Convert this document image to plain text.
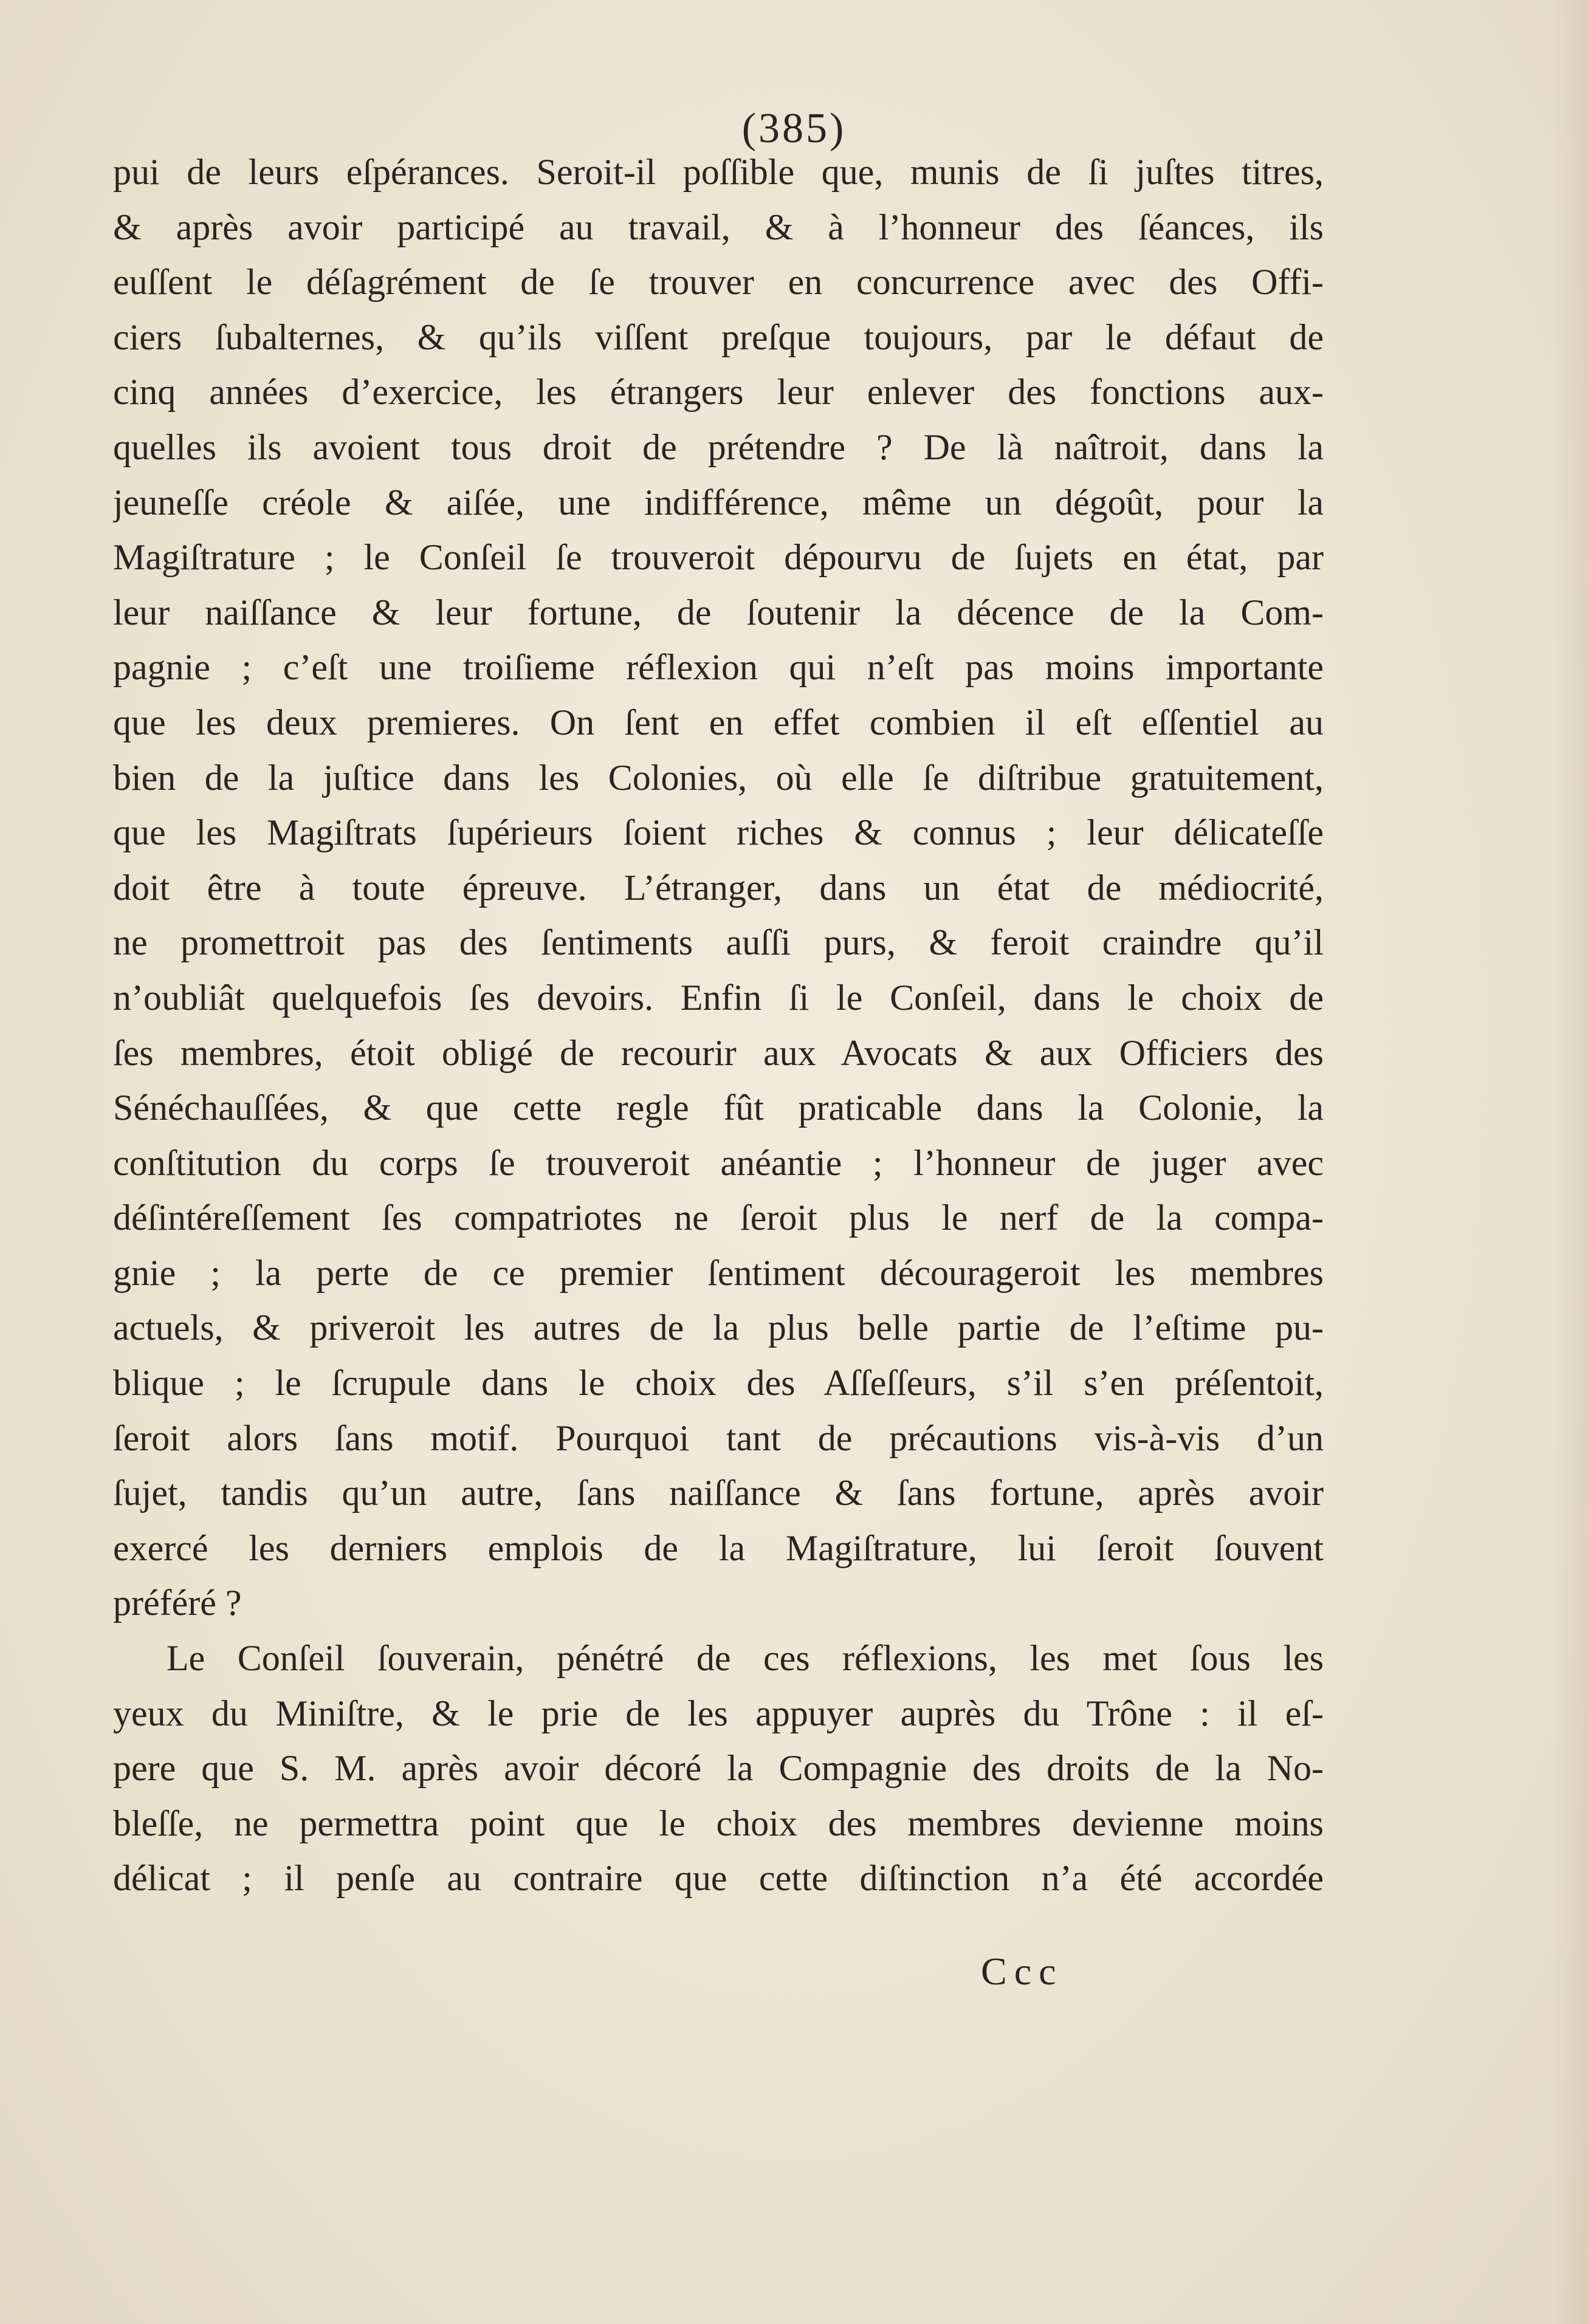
(385)
pui de leurs eſpérances. Seroit-il poſſible que, munis de ſi juſtes titres,
& après avoir participé au travail, & à l’honneur des ſéances, ils
euſſent le déſagrément de ſe trouver en concurrence avec des Offi-
ciers ſubalternes, & qu’ils viſſent preſque toujours, par le défaut de
cinq années d’exercice, les étrangers leur enlever des fonctions aux-
quelles ils avoient tous droit de prétendre ? De là naîtroit, dans la
jeuneſſe créole & aiſée, une indifférence, même un dégoût, pour la
Magiſtrature ; le Conſeil ſe trouveroit dépourvu de ſujets en état, par
leur naiſſance & leur fortune, de ſoutenir la décence de la Com-
pagnie ; c’eſt une troiſieme réflexion qui n’eſt pas moins importante
que les deux premieres. On ſent en effet combien il eſt eſſentiel au
bien de la juſtice dans les Colonies, où elle ſe diſtribue gratuitement,
que les Magiſtrats ſupérieurs ſoient riches & connus ; leur délicateſſe
doit être à toute épreuve. L’étranger, dans un état de médiocrité,
ne promettroit pas des ſentiments auſſi purs, & feroit craindre qu’il
n’oubliât quelquefois ſes devoirs. Enfin ſi le Conſeil, dans le choix de
ſes membres, étoit obligé de recourir aux Avocats & aux Officiers des
Sénéchauſſées, & que cette regle fût praticable dans la Colonie, la
conſtitution du corps ſe trouveroit anéantie ; l’honneur de juger avec
déſintéreſſement ſes compatriotes ne ſeroit plus le nerf de la compa-
gnie ; la perte de ce premier ſentiment décourageroit les membres
actuels, & priveroit les autres de la plus belle partie de l’eſtime pu-
blique ; le ſcrupule dans le choix des Aſſeſſeurs, s’il s’en préſentoit,
ſeroit alors ſans motif. Pourquoi tant de précautions vis-à-vis d’un
ſujet, tandis qu’un autre, ſans naiſſance & ſans fortune, après avoir
exercé les derniers emplois de la Magiſtrature, lui ſeroit ſouvent
préféré ?
Le Conſeil ſouverain, pénétré de ces réflexions, les met ſous les
yeux du Miniſtre, & le prie de les appuyer auprès du Trône : il eſ-
pere que S. M. après avoir décoré la Compagnie des droits de la No-
bleſſe, ne permettra point que le choix des membres devienne moins
délicat ; il penſe au contraire que cette diſtinction n’a été accordée
Ccc
